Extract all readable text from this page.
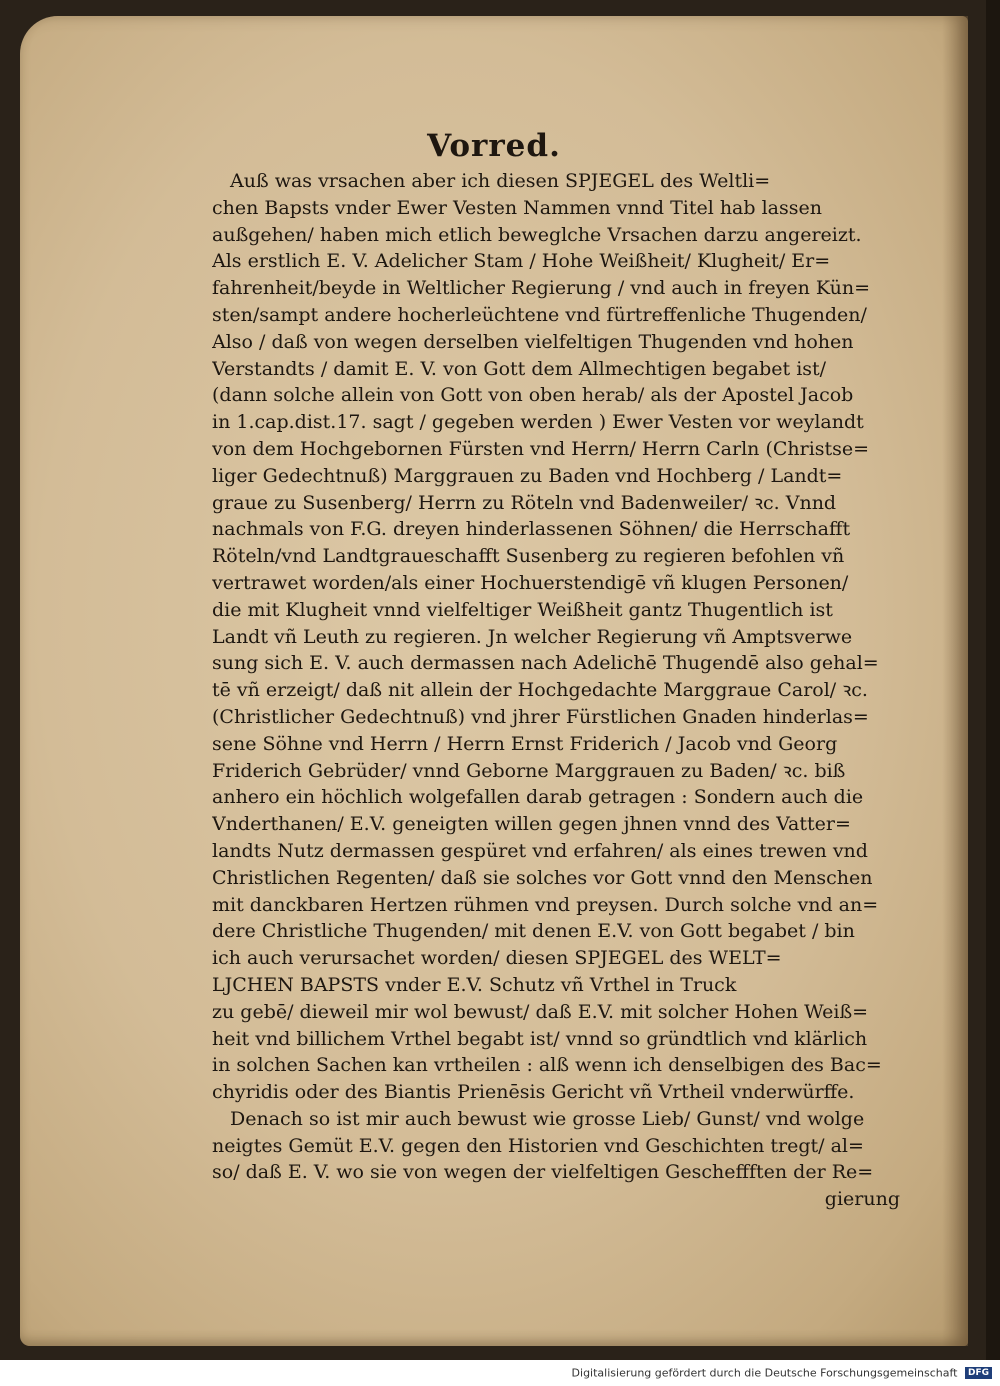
Vorred.
Auß was vrsachen aber ich diesen SPJEGEL des Weltli=
chen Bapsts vnder Ewer Vesten Nammen vnnd Titel hab lassen
außgehen/ haben mich etlich beweglche Vrsachen darzu angereizt.
Als erstlich E. V. Adelicher Stam / Hohe Weißheit/ Klugheit/ Er=
fahrenheit/beyde in Weltlicher Regierung / vnd auch in freyen Kün=
sten/sampt andere hocherleüchtene vnd fürtreffenliche Thugenden/
Also / daß von wegen derselben vielfeltigen Thugenden vnd hohen
Verstandts / damit E. V. von Gott dem Allmechtigen begabet ist/
(dann solche allein von Gott von oben herab/ als der Apostel Jacob
in 1.cap.dist.17. sagt / gegeben werden ) Ewer Vesten vor weylandt
von dem Hochgebornen Fürsten vnd Herrn/ Herrn Carln (Christse=
liger Gedechtnuß) Marggrauen zu Baden vnd Hochberg / Landt=
graue zu Susenberg/ Herrn zu Röteln vnd Badenweiler/ ꝛc. Vnnd
nachmals von F.G. dreyen hinderlassenen Söhnen/ die Herrschafft
Röteln/vnd Landtgraueschafft Susenberg zu regieren befohlen vñ
vertrawet worden/als einer Hochuerstendigē vñ klugen Personen/
die mit Klugheit vnnd vielfeltiger Weißheit gantz Thugentlich ist
Landt vñ Leuth zu regieren. Jn welcher Regierung vñ Amptsverwe
sung sich E. V. auch dermassen nach Adelichē Thugendē also gehal=
tē vñ erzeigt/ daß nit allein der Hochgedachte Marggraue Carol/ ꝛc.
(Christlicher Gedechtnuß) vnd jhrer Fürstlichen Gnaden hinderlas=
sene Söhne vnd Herrn / Herrn Ernst Friderich / Jacob vnd Georg
Friderich Gebrüder/ vnnd Geborne Marggrauen zu Baden/ ꝛc. biß
anhero ein höchlich wolgefallen darab getragen : Sondern auch die
Vnderthanen/ E.V. geneigten willen gegen jhnen vnnd des Vatter=
landts Nutz dermassen gespüret vnd erfahren/ als eines trewen vnd
Christlichen Regenten/ daß sie solches vor Gott vnnd den Menschen
mit danckbaren Hertzen rühmen vnd preysen. Durch solche vnd an=
dere Christliche Thugenden/ mit denen E.V. von Gott begabet / bin
ich auch verursachet worden/ diesen SPJEGEL des WELT=
LJCHEN BAPSTS vnder E.V. Schutz vñ Vrthel in Truck
zu gebē/ dieweil mir wol bewust/ daß E.V. mit solcher Hohen Weiß=
heit vnd billichem Vrthel begabt ist/ vnnd so gründtlich vnd klärlich
in solchen Sachen kan vrtheilen : alß wenn ich denselbigen des Bac=
chyridis oder des Biantis Prienēsis Gericht vñ Vrtheil vnderwürffe.
Denach so ist mir auch bewust wie grosse Lieb/ Gunst/ vnd wolge
neigtes Gemüt E.V. gegen den Historien vnd Geschichten tregt/ al=
so/ daß E. V. wo sie von wegen der vielfeltigen Gescheffften der Re=
gierung
Digitalisierung gefördert durch die Deutsche Forschungsgemeinschaft DFG
